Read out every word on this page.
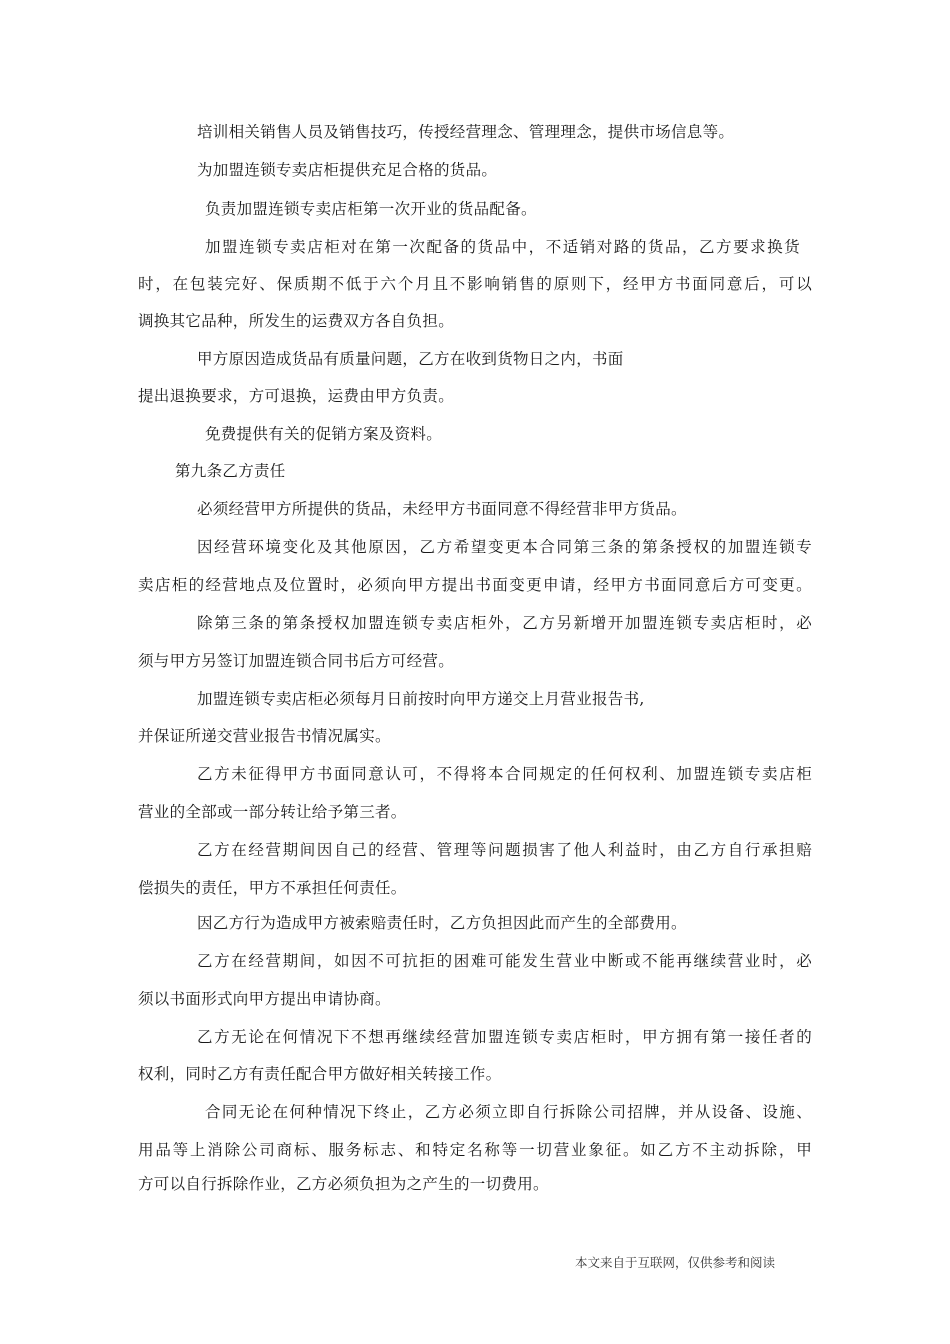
培训相关销售人员及销售技巧，传授经营理念、管理理念，提供市场信息等。
为加盟连锁专卖店柜提供充足合格的货品。
负责加盟连锁专卖店柜第一次开业的货品配备。
加盟连锁专卖店柜对在第一次配备的货品中，不适销对路的货品，乙方要求换货
时，在包装完好、保质期不低于六个月且不影响销售的原则下，经甲方书面同意后，可以
调换其它品种，所发生的运费双方各自负担。
甲方原因造成货品有质量问题，乙方在收到货物日之内，书面
提出退换要求，方可退换，运费由甲方负责。
免费提供有关的促销方案及资料。
第九条乙方责任
必须经营甲方所提供的货品，未经甲方书面同意不得经营非甲方货品。
因经营环境变化及其他原因，乙方希望变更本合同第三条的第条授权的加盟连锁专
卖店柜的经营地点及位置时，必须向甲方提出书面变更申请，经甲方书面同意后方可变更。
除第三条的第条授权加盟连锁专卖店柜外，乙方另新增开加盟连锁专卖店柜时，必
须与甲方另签订加盟连锁合同书后方可经营。
加盟连锁专卖店柜必须每月日前按时向甲方递交上月营业报告书,
并保证所递交营业报告书情况属实。
乙方未征得甲方书面同意认可，不得将本合同规定的任何权利、加盟连锁专卖店柜
营业的全部或一部分转让给予第三者。
乙方在经营期间因自己的经营、管理等问题损害了他人利益时，由乙方自行承担赔
偿损失的责任，甲方不承担任何责任。
因乙方行为造成甲方被索赔责任时，乙方负担因此而产生的全部费用。
乙方在经营期间，如因不可抗拒的困难可能发生营业中断或不能再继续营业时，必
须以书面形式向甲方提出申请协商。
乙方无论在何情况下不想再继续经营加盟连锁专卖店柜时，甲方拥有第一接任者的
权利，同时乙方有责任配合甲方做好相关转接工作。
合同无论在何种情况下终止，乙方必须立即自行拆除公司招牌，并从设备、设施、
用品等上消除公司商标、服务标志、和特定名称等一切营业象征。如乙方不主动拆除，甲
方可以自行拆除作业，乙方必须负担为之产生的一切费用。
本文来自于互联网，仅供参考和阅读
